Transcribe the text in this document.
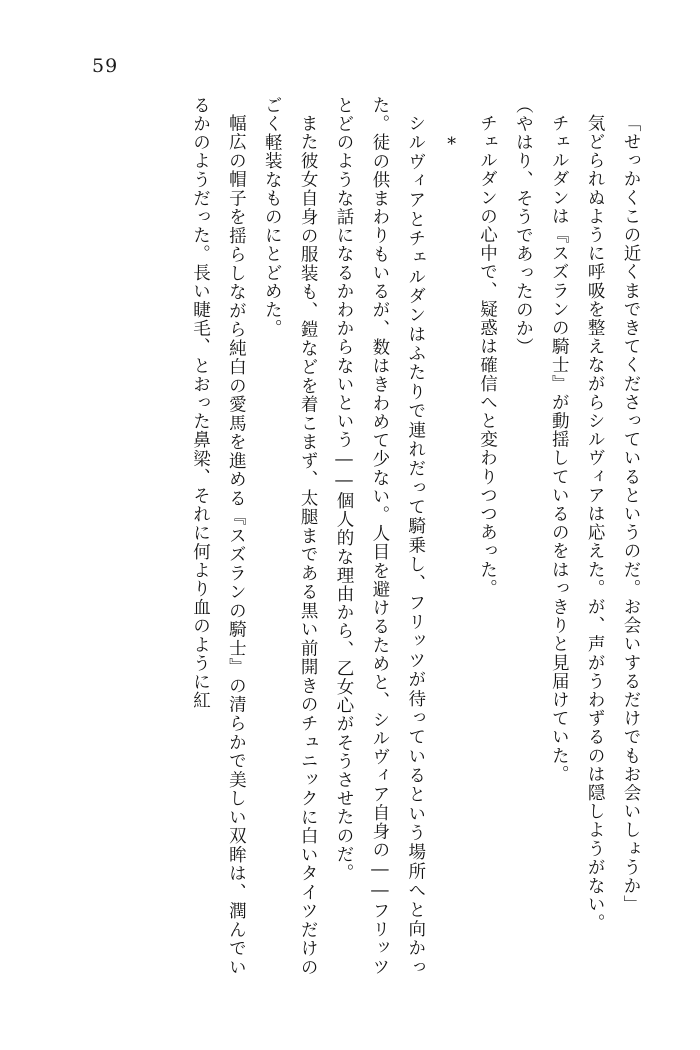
59

「せっかくこの近くまできてくださっているというのだ。お会いするだけでもお会いしょうか」

気どられぬように呼吸を整えながらシルヴィアは応えた。が、声がうわずるのは隠しようがない。

チェルダンは『スズランの騎士』が動揺しているのをはっきりと見届けていた。

（やはり、そうであったのか）

チェルダンの心中で、疑惑は確信へと変わりつつあった。

*

シルヴィアとチェルダンはふたりで連れだって騎乗し、フリッツが待っているという場所へと向かった。徒の供まわりもいるが、数はきわめて少ない。人目を避けるためと、シルヴィア自身の――フリッツとどのような話になるかわからないという――個人的な理由から、乙女心がそうさせたのだ。

また彼女自身の服装も、鎧などを着こまず、太腿まである黒い前開きのチュニックに白いタイツだけのごく軽装なものにとどめた。

幅広の帽子を揺らしながら純白の愛馬を進める『スズランの騎士』の清らかで美しい双眸は、潤んでいるかのようだった。長い睫毛、とおった鼻梁、それに何より血のように紅
